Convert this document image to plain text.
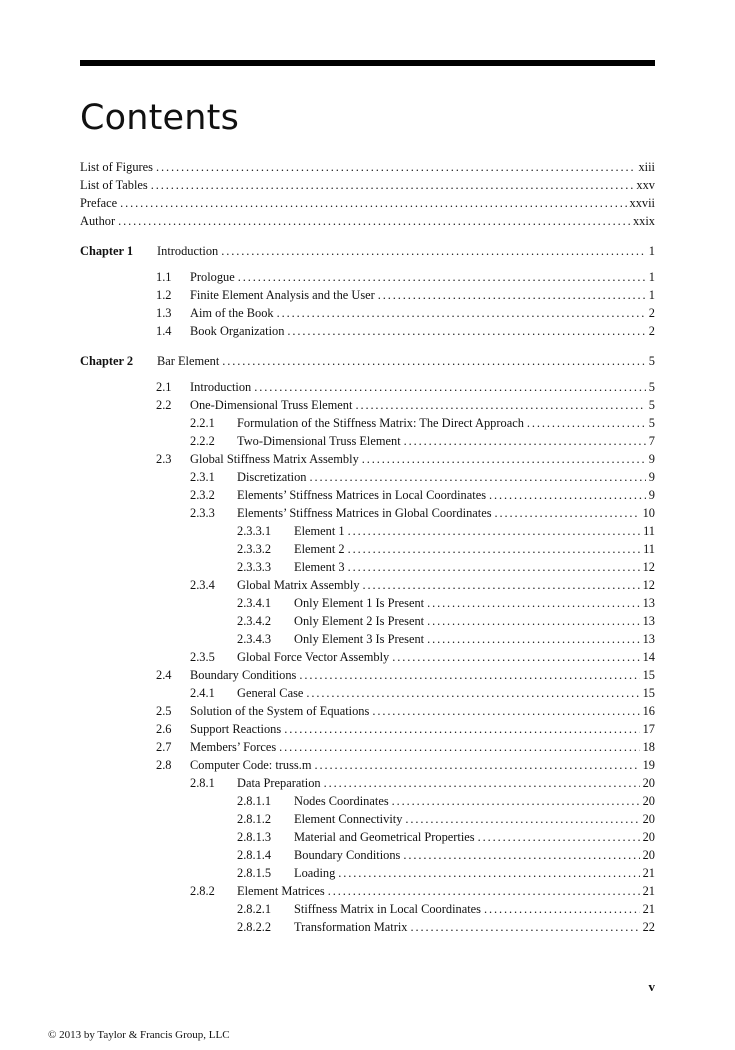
Contents
List of Figures . . .	xiii
List of Tables . . .	xxv
Preface . . .	xxvii
Author . . .	xxix
Chapter 1	Introduction . . .	1
1.1	Prologue . . .	1
1.2	Finite Element Analysis and the User . . .	1
1.3	Aim of the Book . . .	2
1.4	Book Organization . . .	2
Chapter 2	Bar Element . . .	5
2.1	Introduction . . .	5
2.2	One-Dimensional Truss Element . . .	5
2.2.1	Formulation of the Stiffness Matrix: The Direct Approach . . .	5
2.2.2	Two-Dimensional Truss Element . . .	7
2.3	Global Stiffness Matrix Assembly . . .	9
2.3.1	Discretization . . .	9
2.3.2	Elements’ Stiffness Matrices in Local Coordinates . . .	9
2.3.3	Elements’ Stiffness Matrices in Global Coordinates . . .	10
2.3.3.1	Element 1 . . .	11
2.3.3.2	Element 2 . . .	11
2.3.3.3	Element 3 . . .	12
2.3.4	Global Matrix Assembly . . .	12
2.3.4.1	Only Element 1 Is Present . . .	13
2.3.4.2	Only Element 2 Is Present . . .	13
2.3.4.3	Only Element 3 Is Present . . .	13
2.3.5	Global Force Vector Assembly . . .	14
2.4	Boundary Conditions . . .	15
2.4.1	General Case . . .	15
2.5	Solution of the System of Equations . . .	16
2.6	Support Reactions . . .	17
2.7	Members’ Forces . . .	18
2.8	Computer Code: truss.m . . .	19
2.8.1	Data Preparation . . .	20
2.8.1.1	Nodes Coordinates . . .	20
2.8.1.2	Element Connectivity . . .	20
2.8.1.3	Material and Geometrical Properties . . .	20
2.8.1.4	Boundary Conditions . . .	20
2.8.1.5	Loading . . .	21
2.8.2	Element Matrices . . .	21
2.8.2.1	Stiffness Matrix in Local Coordinates . . .	21
2.8.2.2	Transformation Matrix . . .	22
v
© 2013 by Taylor & Francis Group, LLC
